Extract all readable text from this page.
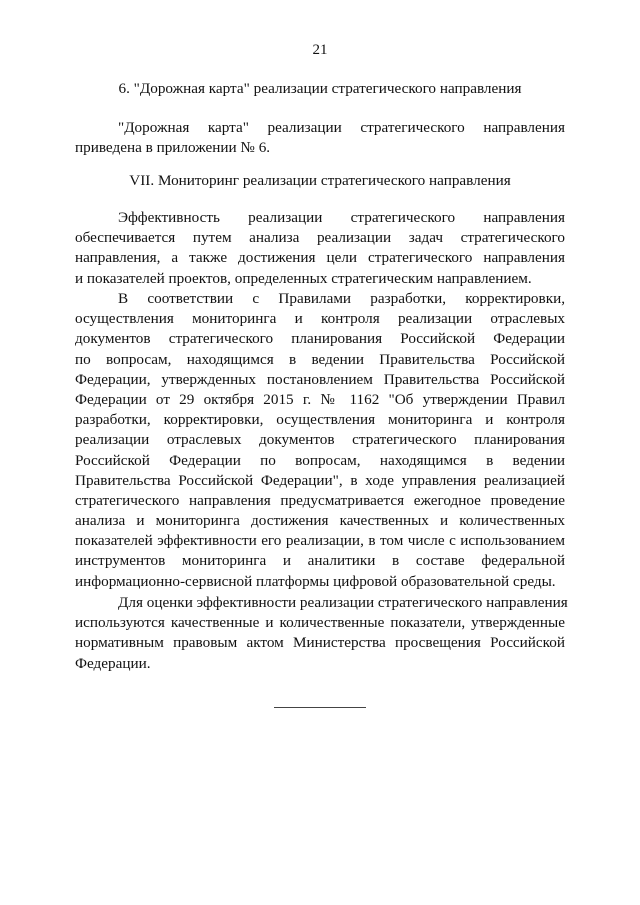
21
6. "Дорожная карта" реализации стратегического направления
"Дорожная карта" реализации стратегического направления
приведена в приложении № 6.
VII. Мониторинг реализации стратегического направления
Эффективность реализации стратегического направления
обеспечивается путем анализа реализации задач стратегического
направления, а также достижения цели стратегического направления
и показателей проектов, определенных стратегическим направлением.
В соответствии с Правилами разработки, корректировки,
осуществления мониторинга и контроля реализации отраслевых
документов стратегического планирования Российской Федерации
по вопросам, находящимся в ведении Правительства Российской
Федерации, утвержденных постановлением Правительства Российской
Федерации от 29 октября 2015 г. № 1162 "Об утверждении Правил
разработки, корректировки, осуществления мониторинга и контроля
реализации отраслевых документов стратегического планирования
Российской Федерации по вопросам, находящимся в ведении
Правительства Российской Федерации", в ходе управления реализацией
стратегического направления предусматривается ежегодное проведение
анализа и мониторинга достижения качественных и количественных
показателей эффективности его реализации, в том числе с использованием
инструментов мониторинга и аналитики в составе федеральной
информационно-сервисной платформы цифровой образовательной среды.
Для оценки эффективности реализации стратегического направления
используются качественные и количественные показатели, утвержденные
нормативным правовым актом Министерства просвещения Российской
Федерации.
